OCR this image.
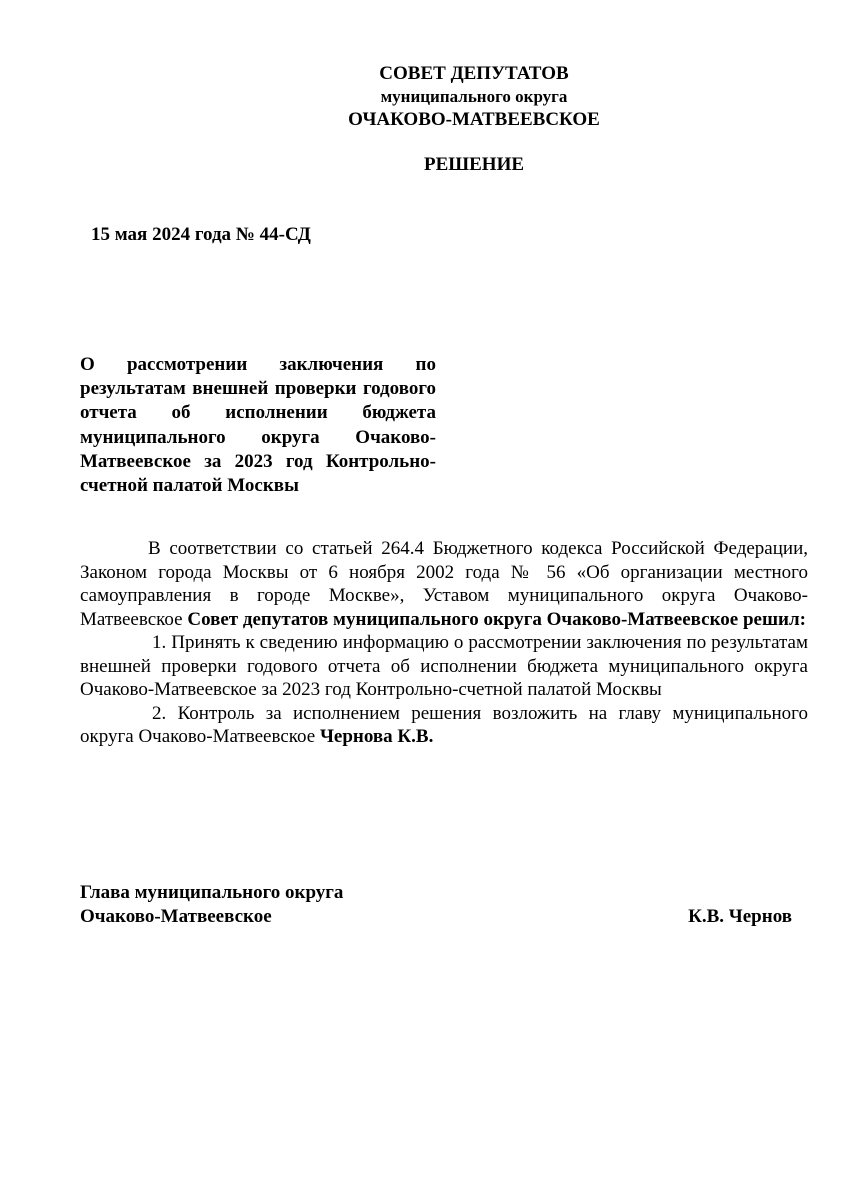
СОВЕТ ДЕПУТАТОВ
муниципального округа
ОЧАКОВО-МАТВЕЕВСКОЕ
РЕШЕНИЕ
15 мая 2024 года № 44-СД
О рассмотрении заключения по результатам внешней проверки годового отчета об исполнении бюджета муниципального округа Очаково-Матвеевское за 2023 год Контрольно-счетной палатой Москвы

В соответствии со статьей 264.4 Бюджетного кодекса Российской Федерации, Законом города Москвы от 6 ноября 2002 года № 56 «Об организации местного самоуправления в городе Москве», Уставом муниципального округа Очаково-Матвеевское Совет депутатов муниципального округа Очаково-Матвеевское решил:

1. Принять к сведению информацию о рассмотрении заключения по результатам внешней проверки годового отчета об исполнении бюджета муниципального округа Очаково-Матвеевское за 2023 год Контрольно-счетной палатой Москвы

2. Контроль за исполнением решения возложить на главу муниципального округа Очаково-Матвеевское Чернова К.В.

Глава муниципального округа
Очаково-Матвеевское	К.В. Чернов
